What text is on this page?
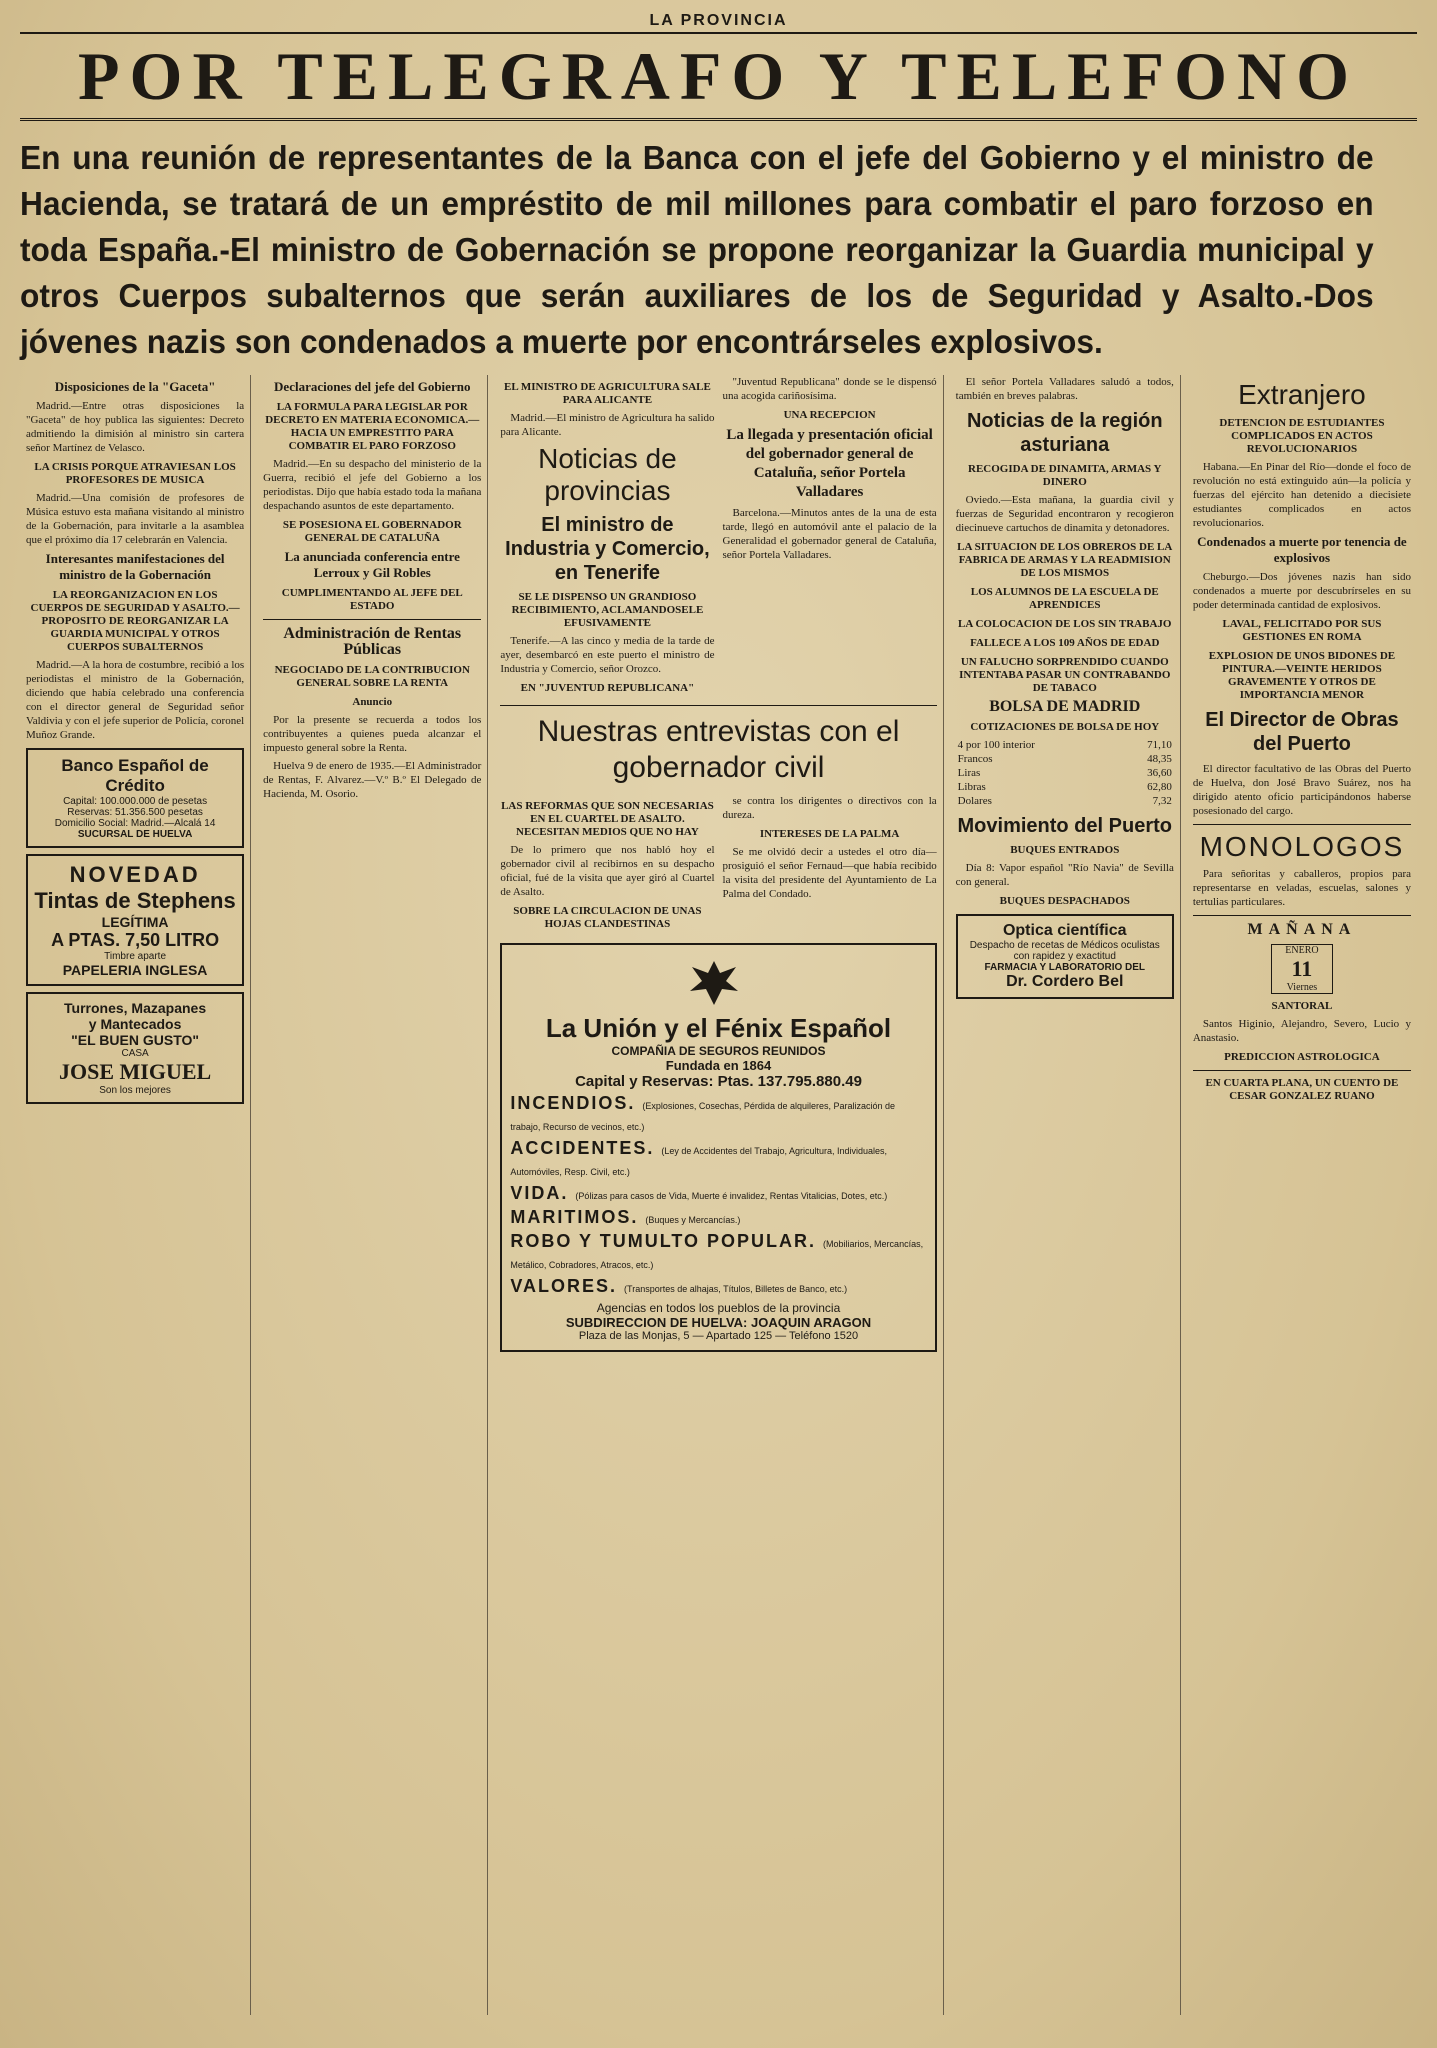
LA PROVINCIA
POR TELEGRAFO Y TELEFONO
En una reunión de representantes de la Banca con el jefe del Gobierno y el ministro de Hacienda, se tratará de un empréstito de mil millones para combatir el paro forzoso en toda España.-El ministro de Gobernación se propone reorganizar la Guardia municipal y otros Cuerpos subalternos que serán auxiliares de los de Seguridad y Asalto.-Dos jóvenes nazis son condenados a muerte por encontrárseles explosivos.
Disposiciones de la "Gaceta"

Madrid.—Entre otras disposiciones la "Gaceta" de hoy publica las siguientes: Decreto admitiendo la dimisión al ministro sin cartera señor Martínez de Velasco.

LA CRISIS PORQUE ATRAVIESAN LOS PROFESORES DE MUSICA

Madrid.—Una comisión de profesores de Música estuvo esta mañana visitando al ministro de la Gobernación, para invitarle a la asamblea que el próximo día 17 celebrarán en Valencia.

Interesantes manifestaciones del ministro de la Gobernación
LA REORGANIZACION EN LOS CUERPOS DE SEGURIDAD Y ASALTO.—PROPOSITO DE REORGANIZAR LA GUARDIA MUNICIPAL Y OTROS CUERPOS SUBALTERNOS

Madrid.—A la hora de costumbre, recibió a los periodistas el ministro de la Gobernación, diciendo que había celebrado una conferencia con el director general de Seguridad señor Valdivia y con el jefe superior de Policía, coronel Muñoz Grande.

Banco Español de Crédito
Capital: 100.000.000 de pesetas
Reservas: 51.356.500 pesetas
Domicilio Social: Madrid.—Alcalá 14
SUCURSAL DE HUELVA
NOVEDAD
Tintas de Stephens
LEGÍTIMA
A PTAS. 7,50 LITRO
Timbre aparte
PAPELERIA INGLESA
Turrones, Mazapanes
y Mantecados
"EL BUEN GUSTO"
CASA
JOSE MIGUEL
Son los mejores
Declaraciones del jefe del Gobierno
LA FORMULA PARA LEGISLAR POR DECRETO EN MATERIA ECONOMICA.—HACIA UN EMPRESTITO PARA COMBATIR EL PARO FORZOSO

Madrid.—En su despacho del ministerio de la Guerra, recibió el jefe del Gobierno a los periodistas. Dijo que había estado toda la mañana despachando asuntos de este departamento.

SE POSESIONA EL GOBERNADOR GENERAL DE CATALUÑA
La anunciada conferencia entre Lerroux y Gil Robles
CUMPLIMENTANDO AL JEFE DEL ESTADO
Administración de Rentas Públicas
NEGOCIADO DE LA CONTRIBUCION GENERAL SOBRE LA RENTA
Anuncio

Por la presente se recuerda a todos los contribuyentes a quienes pueda alcanzar el impuesto general sobre la Renta.

Huelva 9 de enero de 1935.—El Administrador de Rentas, F. Alvarez.—V.º B.º El Delegado de Hacienda, M. Osorio.

EL MINISTRO DE AGRICULTURA SALE PARA ALICANTE

Madrid.—El ministro de Agricultura ha salido para Alicante.

Noticias de provincias
El ministro de Industria y Comercio, en Tenerife
SE LE DISPENSO UN GRANDIOSO RECIBIMIENTO, ACLAMANDOSELE EFUSIVAMENTE

Tenerife.—A las cinco y media de la tarde de ayer, desembarcó en este puerto el ministro de Industria y Comercio, señor Orozco.

EN "JUVENTUD REPUBLICANA"

"Juventud Republicana" donde se le dispensó una acogida cariñosísima.

UNA RECEPCION
La llegada y presentación oficial del gobernador general de Cataluña, señor Portela Valladares

Barcelona.—Minutos antes de la una de esta tarde, llegó en automóvil ante el palacio de la Generalidad el gobernador general de Cataluña, señor Portela Valladares.

Nuestras entrevistas con el gobernador civil
LAS REFORMAS QUE SON NECESARIAS EN EL CUARTEL DE ASALTO. NECESITAN MEDIOS QUE NO HAY

De lo primero que nos habló hoy el gobernador civil al recibirnos en su despacho oficial, fué de la visita que ayer giró al Cuartel de Asalto.

SOBRE LA CIRCULACION DE UNAS HOJAS CLANDESTINAS

se contra los dirigentes o directivos con la dureza.

INTERESES DE LA PALMA

Se me olvidó decir a ustedes el otro día—prosiguió el señor Fernaud—que había recibido la visita del presidente del Ayuntamiento de La Palma del Condado.

La Unión y el Fénix Español
COMPAÑIA DE SEGUROS REUNIDOS
Fundada en 1864
Capital y Reservas: Ptas. 137.795.880.49
INCENDIOS. (Explosiones, Cosechas, Pérdida de alquileres, Paralización de trabajo, Recurso de vecinos, etc.)
ACCIDENTES. (Ley de Accidentes del Trabajo, Agricultura, Individuales, Automóviles, Resp. Civil, etc.)
VIDA. (Pólizas para casos de Vida, Muerte é invalidez, Rentas Vitalicias, Dotes, etc.)
MARITIMOS. (Buques y Mercancías.)
ROBO Y TUMULTO POPULAR. (Mobiliarios, Mercancías, Metálico, Cobradores, Atracos, etc.)
VALORES. (Transportes de alhajas, Títulos, Billetes de Banco, etc.)
Agencias en todos los pueblos de la provincia
SUBDIRECCION DE HUELVA: JOAQUIN ARAGON
Plaza de las Monjas, 5 — Apartado 125 — Teléfono 1520

El señor Portela Valladares saludó a todos, también en breves palabras.

Noticias de la región asturiana
RECOGIDA DE DINAMITA, ARMAS Y DINERO

Oviedo.—Esta mañana, la guardia civil y fuerzas de Seguridad encontraron y recogieron diecinueve cartuchos de dinamita y detonadores.

LA SITUACION DE LOS OBREROS DE LA FABRICA DE ARMAS Y LA READMISION DE LOS MISMOS
LOS ALUMNOS DE LA ESCUELA DE APRENDICES
LA COLOCACION DE LOS SIN TRABAJO
FALLECE A LOS 109 AÑOS DE EDAD
UN FALUCHO SORPRENDIDO CUANDO INTENTABA PASAR UN CONTRABANDO DE TABACO
BOLSA DE MADRID
COTIZACIONES DE BOLSA DE HOY
4 por 100 interior	71,10
Francos	48,35
Liras	36,60
Libras	62,80
Dolares	7,32
Movimiento del Puerto
BUQUES ENTRADOS

Día 8: Vapor español "Río Navia" de Sevilla con general.

BUQUES DESPACHADOS
Optica científica
Despacho de recetas de Médicos oculistas con rapidez y exactitud
FARMACIA Y LABORATORIO DEL
Dr. Cordero Bel
Extranjero
DETENCION DE ESTUDIANTES COMPLICADOS EN ACTOS REVOLUCIONARIOS

Habana.—En Pinar del Río—donde el foco de revolución no está extinguido aún—la policía y fuerzas del ejército han detenido a diecisiete estudiantes complicados en actos revolucionarios.

Condenados a muerte por tenencia de explosivos

Cheburgo.—Dos jóvenes nazis han sido condenados a muerte por descubrírseles en su poder determinada cantidad de explosivos.

LAVAL, FELICITADO POR SUS GESTIONES EN ROMA
EXPLOSION DE UNOS BIDONES DE PINTURA.—VEINTE HERIDOS GRAVEMENTE Y OTROS DE IMPORTANCIA MENOR
El Director de Obras del Puerto

El director facultativo de las Obras del Puerto de Huelva, don José Bravo Suárez, nos ha dirigido atento oficio participándonos haberse posesionado del cargo.

MONOLOGOS

Para señoritas y caballeros, propios para representarse en veladas, escuelas, salones y tertulias particulares.

MAÑANA
ENERO
11
Viernes
SANTORAL

Santos Higinio, Alejandro, Severo, Lucio y Anastasio.

PREDICCION ASTROLOGICA
EN CUARTA PLANA, UN CUENTO DE CESAR GONZALEZ RUANO
